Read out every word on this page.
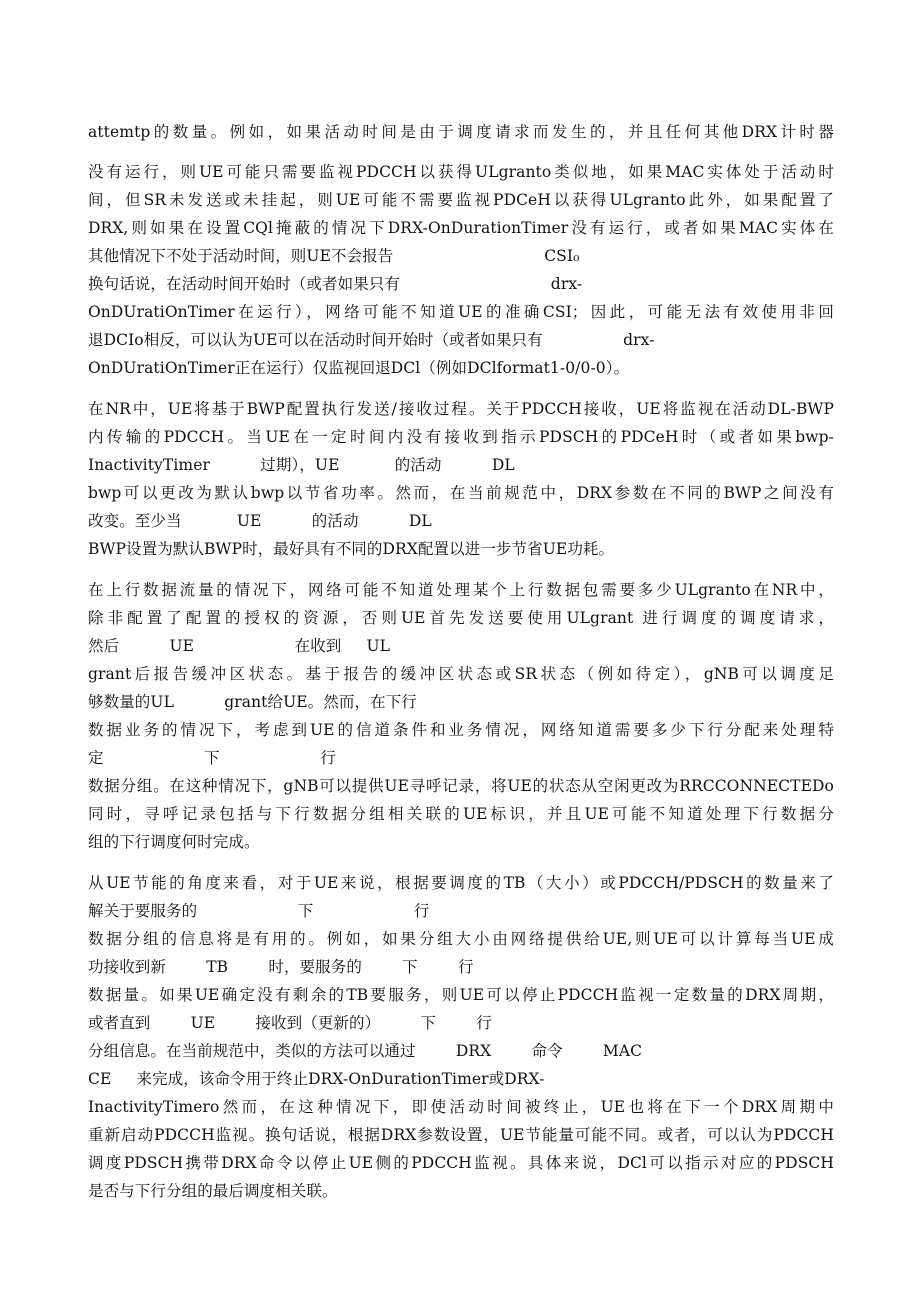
attemtp的数量。例如，如果活动时间是由于调度请求而发生的，并且任何其他DRX计时器
没有运行，则UE可能只需要监视PDCCH以获得ULgranto类似地，如果MAC实体处于活动时
间，但SR未发送或未挂起，则UE可能不需要监视PDCeH以获得ULgranto此外，如果配置了
DRX,则如果在设置CQl掩蔽的情况下DRX-OnDurationTimer没有运行，或者如果MAC实体在
其他情况下不处于活动时间，则UE不会报告                              CSI₀
换句话说，在活动时间开始时（或者如果只有                              drx-
OnDUratiOnTimer在运行），网络可能不知道UE的准确CSI；因此，可能无法有效使用非回
退DCIo相反，可以认为UE可以在活动时间开始时（或者如果只有                drx-
OnDUratiOnTimer正在运行）仅监视回退DCl（例如DClformat1-0/0-0）。
在NR中，UE将基于BWP配置执行发送/接收过程。关于PDCCH接收，UE将监视在活动DL-BWP
内传输的PDCCH。当UE在一定时间内没有接收到指示PDSCH的PDCeH时（或者如果bwp-
InactivityTimer          过期），UE           的活动          DL
bwp可以更改为默认bwp以节省功率。然而，在当前规范中，DRX参数在不同的BWP之间没有
改变。至少当           UE          的活动          DL
BWP设置为默认BWP时，最好具有不同的DRX配置以进一步节省UE功耗。
在上行数据流量的情况下，网络可能不知道处理某个上行数据包需要多少ULgranto在NR中，
除非配置了配置的授权的资源，否则UE首先发送要使用ULgrant 进行调度的调度请求，
然后          UE                    在收到     UL
grant后报告缓冲区状态。基于报告的缓冲区状态或SR状态（例如待定），gNB可以调度足
够数量的UL          grant给UE。然而，在下行
数据业务的情况下，考虑到UE的信道条件和业务情况，网络知道需要多少下行分配来处理特
定                    下                    行
数据分组。在这种情况下，gNB可以提供UE寻呼记录，将UE的状态从空闲更改为RRCCONNECTEDo
同时，寻呼记录包括与下行数据分组相关联的UE标识，并且UE可能不知道处理下行数据分
组的下行调度何时完成。
从UE节能的角度来看，对于UE来说，根据要调度的TB（大小）或PDCCH/PDSCH的数量来了
解关于要服务的                    下                    行
数据分组的信息将是有用的。例如，如果分组大小由网络提供给UE,则UE可以计算每当UE成
功接收到新        TB        时，要服务的        下        行
数据量。如果UE确定没有剩余的TB要服务，则UE可以停止PDCCH监视一定数量的DRX周期，
或者直到        UE        接收到（更新的）        下        行
分组信息。在当前规范中，类似的方法可以通过        DRX        命令        MAC
CE     来完成，该命令用于终止DRX-OnDurationTimer或DRX-
InactivityTimero然而，在这种情况下，即使活动时间被终止，UE也将在下一个DRX周期中
重新启动PDCCH监视。换句话说，根据DRX参数设置，UE节能量可能不同。或者，可以认为PDCCH
调度PDSCH携带DRX命令以停止UE侧的PDCCH监视。具体来说，DCl可以指示对应的PDSCH
是否与下行分组的最后调度相关联。
